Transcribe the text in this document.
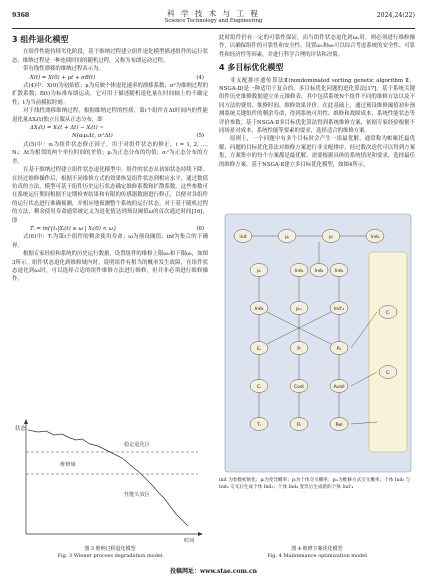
9368	科 学 技 术 与 工 程
Science Technology and Engineering
2024,24(22)
3 组件退化模型

在组件性能持续劣化阶段，基于维纳过程建立组件退化模型描述组件的运行状态。维纳过程是一种连续时间的随机过程，又称为布朗运动过程。

带有线性漂移的维纳过程表示为。

X(t) = X(0) + μt + σB(t)	(4)

式(4)中：X(0)为初始值；μ为反映个体退化速率的漂移系数；σ²为维纳过程的扩散系数；B(t)为标准布朗运动，它可用于描述随机退化量在时间轴上的不确定性；t为当前模拟时刻。

对于线性漂移维纳过程，根据维纳过程的性质，第i个组件在Δt时间内的性能退化量ΔXᵢ(t)独立且服从正态分布，即

ΔXᵢ(t) = Xᵢ(t + Δt) − Xᵢ(t) ~
N(αᵢμᵢΔt, σᵢ²Δt)	(5)

式(5)中：αᵢ为组件状态修正因子，用于对组件状态的修正，i = 1, 2, …, Nᵢ；Δt为相邻的两个单位时间的差值；μᵢ为正态分布的均值；σᵢ²为正态分布的方差。

在基于维纳过程建立组件状态退化模型中，组件的状态从初始状态持续下降，在经过维修操作后，根据不同维修方式的效果恢复组件状态到相应水平，通过数值仿真的方法，模型可基于组件历史运行状态确定维修系数和扩散系数。这些参数可在系统运行期间根据不定期检查结果和有限的传感器数据进行修正，以便对各组件的运行状态进行准确预测，并相应地预测整个系统的运行状态。对于基于随机过程的方法，剩余使用寿命通常被定义为退化值达到预设阈值ω的首次通过时间[16]，即

Tᵢ = inf{t₁|Xᵢ(t) ≥ ω | Xᵢ(0) < ω}	(6)

式(6)中：Tᵢ为第i个组件的剩余使用寿命；ω为预设阈值；inf为集合的下确界。

根据专家经验和系统的历史运行数据，设置组件的维修上限ωᵤ和下限ωₗ，如图3所示。组件状态退化到维修域内时，说明组件有相当的概率发生故障，在组件状态退化到ωₗ时，可以选择合适的组件维修方法进行维修，但并非必须进行维修操作，

状态
稳定退化区
维修域
性能失效区
时间
图 3 维纳过程退化模型
Fig. 3 Wiener process degradation model

此时组件仍有一定的可靠性保证。而当组件状态退化到ωᵤ时，则必须进行维修操作，以确保组件的可靠性和安全性。设置ωᵤ和ωₗ可以综合考虑系统的安全性、可靠性和经济性等因素，并进行科学合理的评估和决策。

4 多目标优化模型

非支配排序遗传算法Ⅱ(nondominated sorting genetic algorithm Ⅱ，NSGA-Ⅱ)是一种适用于复杂的、多目标优化问题的进化算法[17]。基于系统关键组件历史维修数据建立单元维修表，其中包括系统N个组件不同的维修方法以及不同方法的费用、维修时间、维修效果评价。在此基础上，通过预设维修阈值初步预测系统关键组件的剩余寿命，得到系统可用性、维修和故障成本、系统性能状态等评价参数。基于NSGA-Ⅱ多目标优化算法得到系统维修方案，依据专家经验根据不同场景对成本、系统性能等要素的要求，选择适合的维修方案。

原则上，一个问题中有多个目标时会产生一组最优解，通常称为帕累托最优解，问题的目标优化算法对维修方案进行非支配排序，经过数次迭代可以得到方案集，方案集中的每个方案都是最优解，需要根据具体的系统情况和要求，选择最佳的维修方案。基于NSGA-Ⅱ建立多目标优化模型，如图4所示。

init	μᵢ	pᵢ	Ind₁
Ind₂
pᵢ	Ind₃	Ind₄
Ind₃	pₘ	Ind'₄
Eᵢ	Pᵢ	Pₐ
Cᵢ	Cost	Avail
Tᵢ	Rᵢ	Rel
Cᵢ
Cᵢ
init 为参数初始化；μᵢ为变异概率；pᵢ为个体交叉概率；pₘ为维修方式交叉概率；个体 Ind₁ 与 Ind₂ 交叉后生成个体 Ind₃；个体 Ind₄ 变异后生成新的个体 Ind'₄
图 4 维修方案优化模型
Fig. 4 Maintenance optimization model
投稿网址：www.stae.com.cn
